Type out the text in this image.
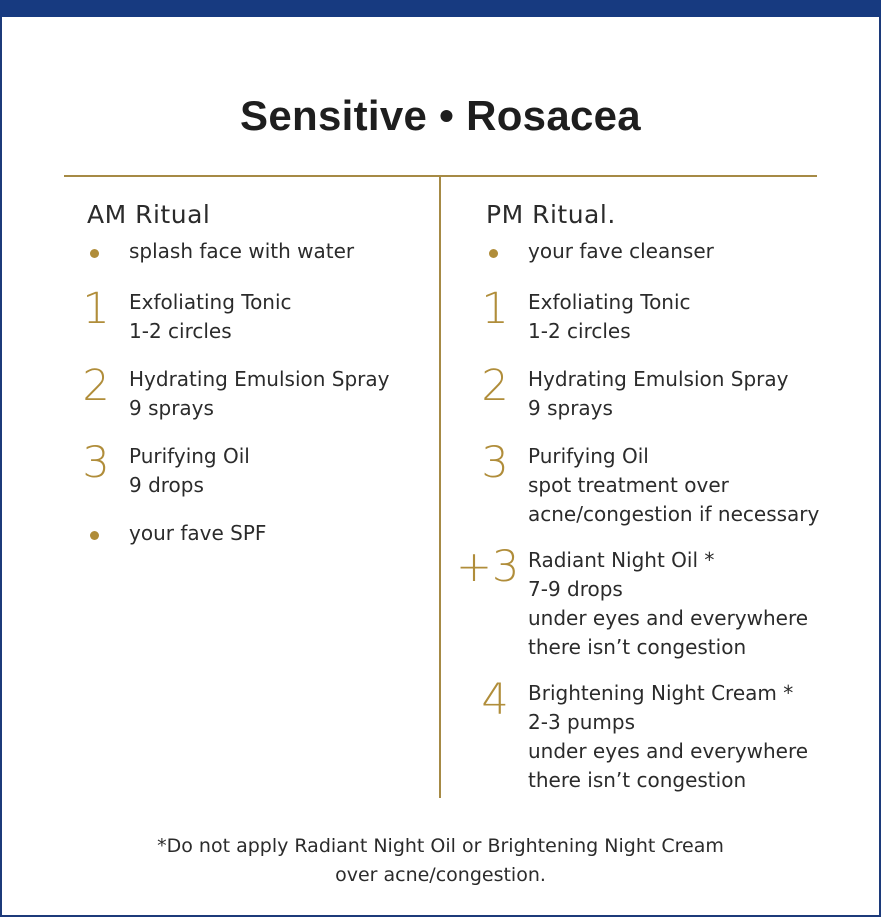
Sensitive • Rosacea
AM Ritual
splash face with water
1 Exfoliating Tonic
1-2 circles
2 Hydrating Emulsion Spray
9 sprays
3 Purifying Oil
9 drops
your fave SPF
PM Ritual.
your fave cleanser
1 Exfoliating Tonic
1-2 circles
2 Hydrating Emulsion Spray
9 sprays
3 Purifying Oil
spot treatment over
acne/congestion if necessary
+3 Radiant Night Oil *
7-9 drops
under eyes and everywhere
there isn’t congestion
4 Brightening Night Cream *
2-3 pumps
under eyes and everywhere
there isn’t congestion
*Do not apply Radiant Night Oil or Brightening Night Cream
over acne/congestion.
